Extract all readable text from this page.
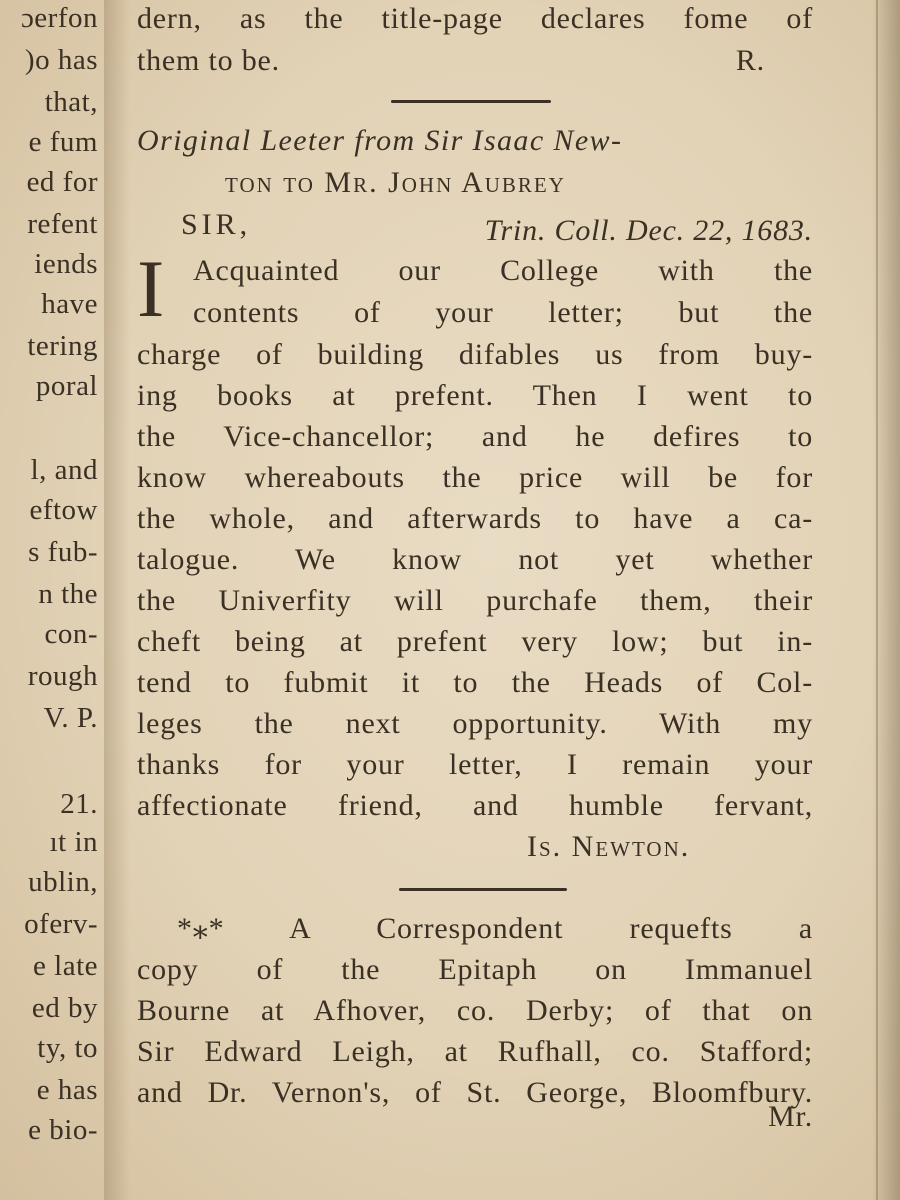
ɔerfon
)o has
that,
e fum
ed for
refent
iends
have
tering
poral
l, and
eftow
s fub-
n the
con-
rough
V. P.
21.
ıt in
ublin,
oferv-
e late
ed by
ty, to
e has
e bio-
dern, as the title-page declares fome of
them to be.	R.
Original Leeter from Sir Isaac New-
ton to Mr. John Aubrey
SIR,	Trin. Coll. Dec. 22, 1683.
I Acquainted our College with the
contents of your letter; but the
charge of building difables us from buy-
ing books at prefent. Then I went to
the Vice-chancellor; and he defires to
know whereabouts the price will be for
the whole, and afterwards to have a ca-
talogue. We know not yet whether
the Univerfity will purchafe them, their
cheft being at prefent very low; but in-
tend to fubmit it to the Heads of Col-
leges the next opportunity. With my
thanks for your letter, I remain your
affectionate friend, and humble fervant,
Is. Newton.
*⁎* A Correspondent requefts a
copy of the Epitaph on Immanuel
Bourne at Afhover, co. Derby; of that on
Sir Edward Leigh, at Rufhall, co. Stafford;
and Dr. Vernon's, of St. George, Bloomfbury.
Mr.
